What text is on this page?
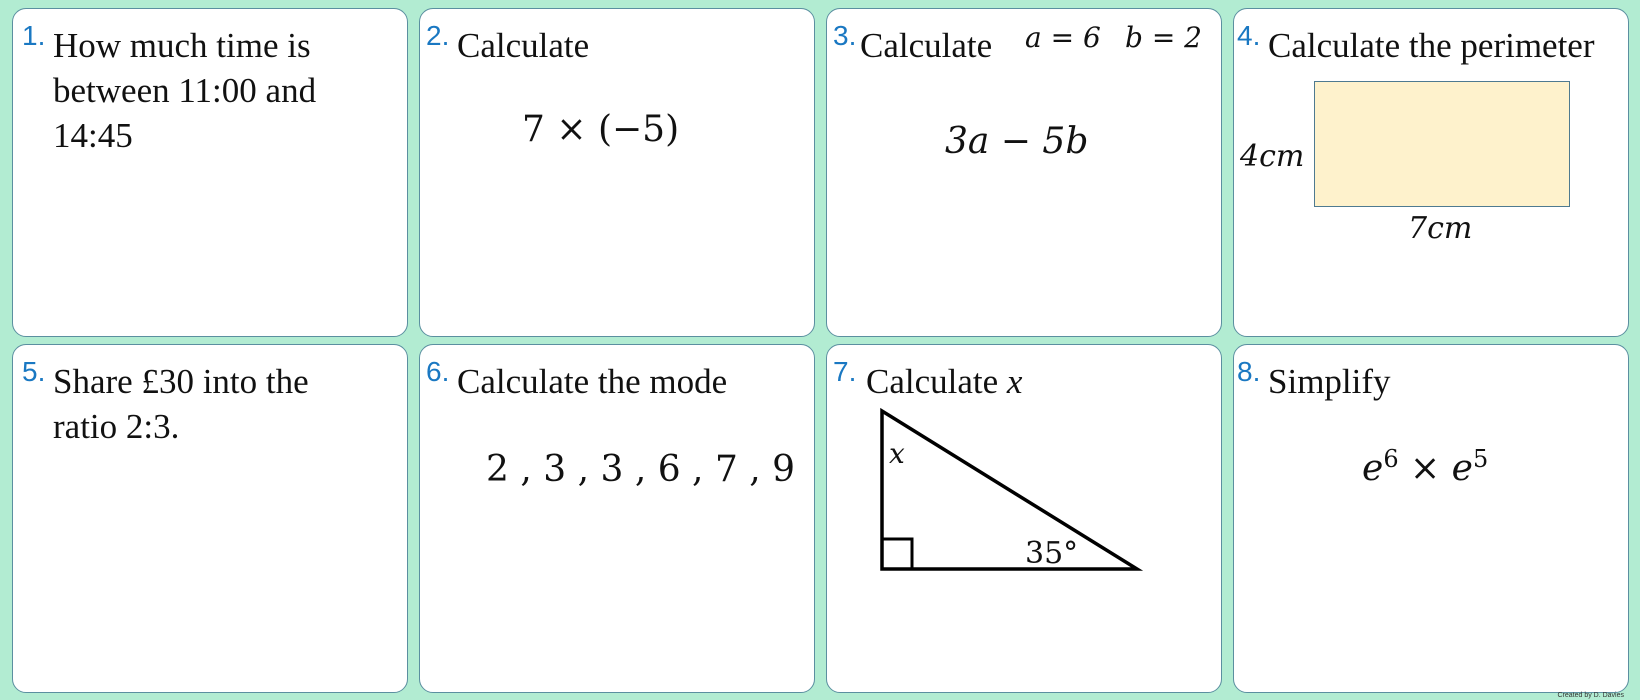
1. How much time is between 11:00 and 14:45
2. Calculate
7 × (−5)
3. Calculate a = 6 b = 2
3a − 5b
4. Calculate the perimeter
4cm
7cm
5. Share £30 into the ratio 2:3.
6. Calculate the mode
2 , 3 , 3 , 6 , 7 , 9
7. Calculate x
x
35°
8. Simplify
$e^6 \times e^5$
Created by D. Davies
